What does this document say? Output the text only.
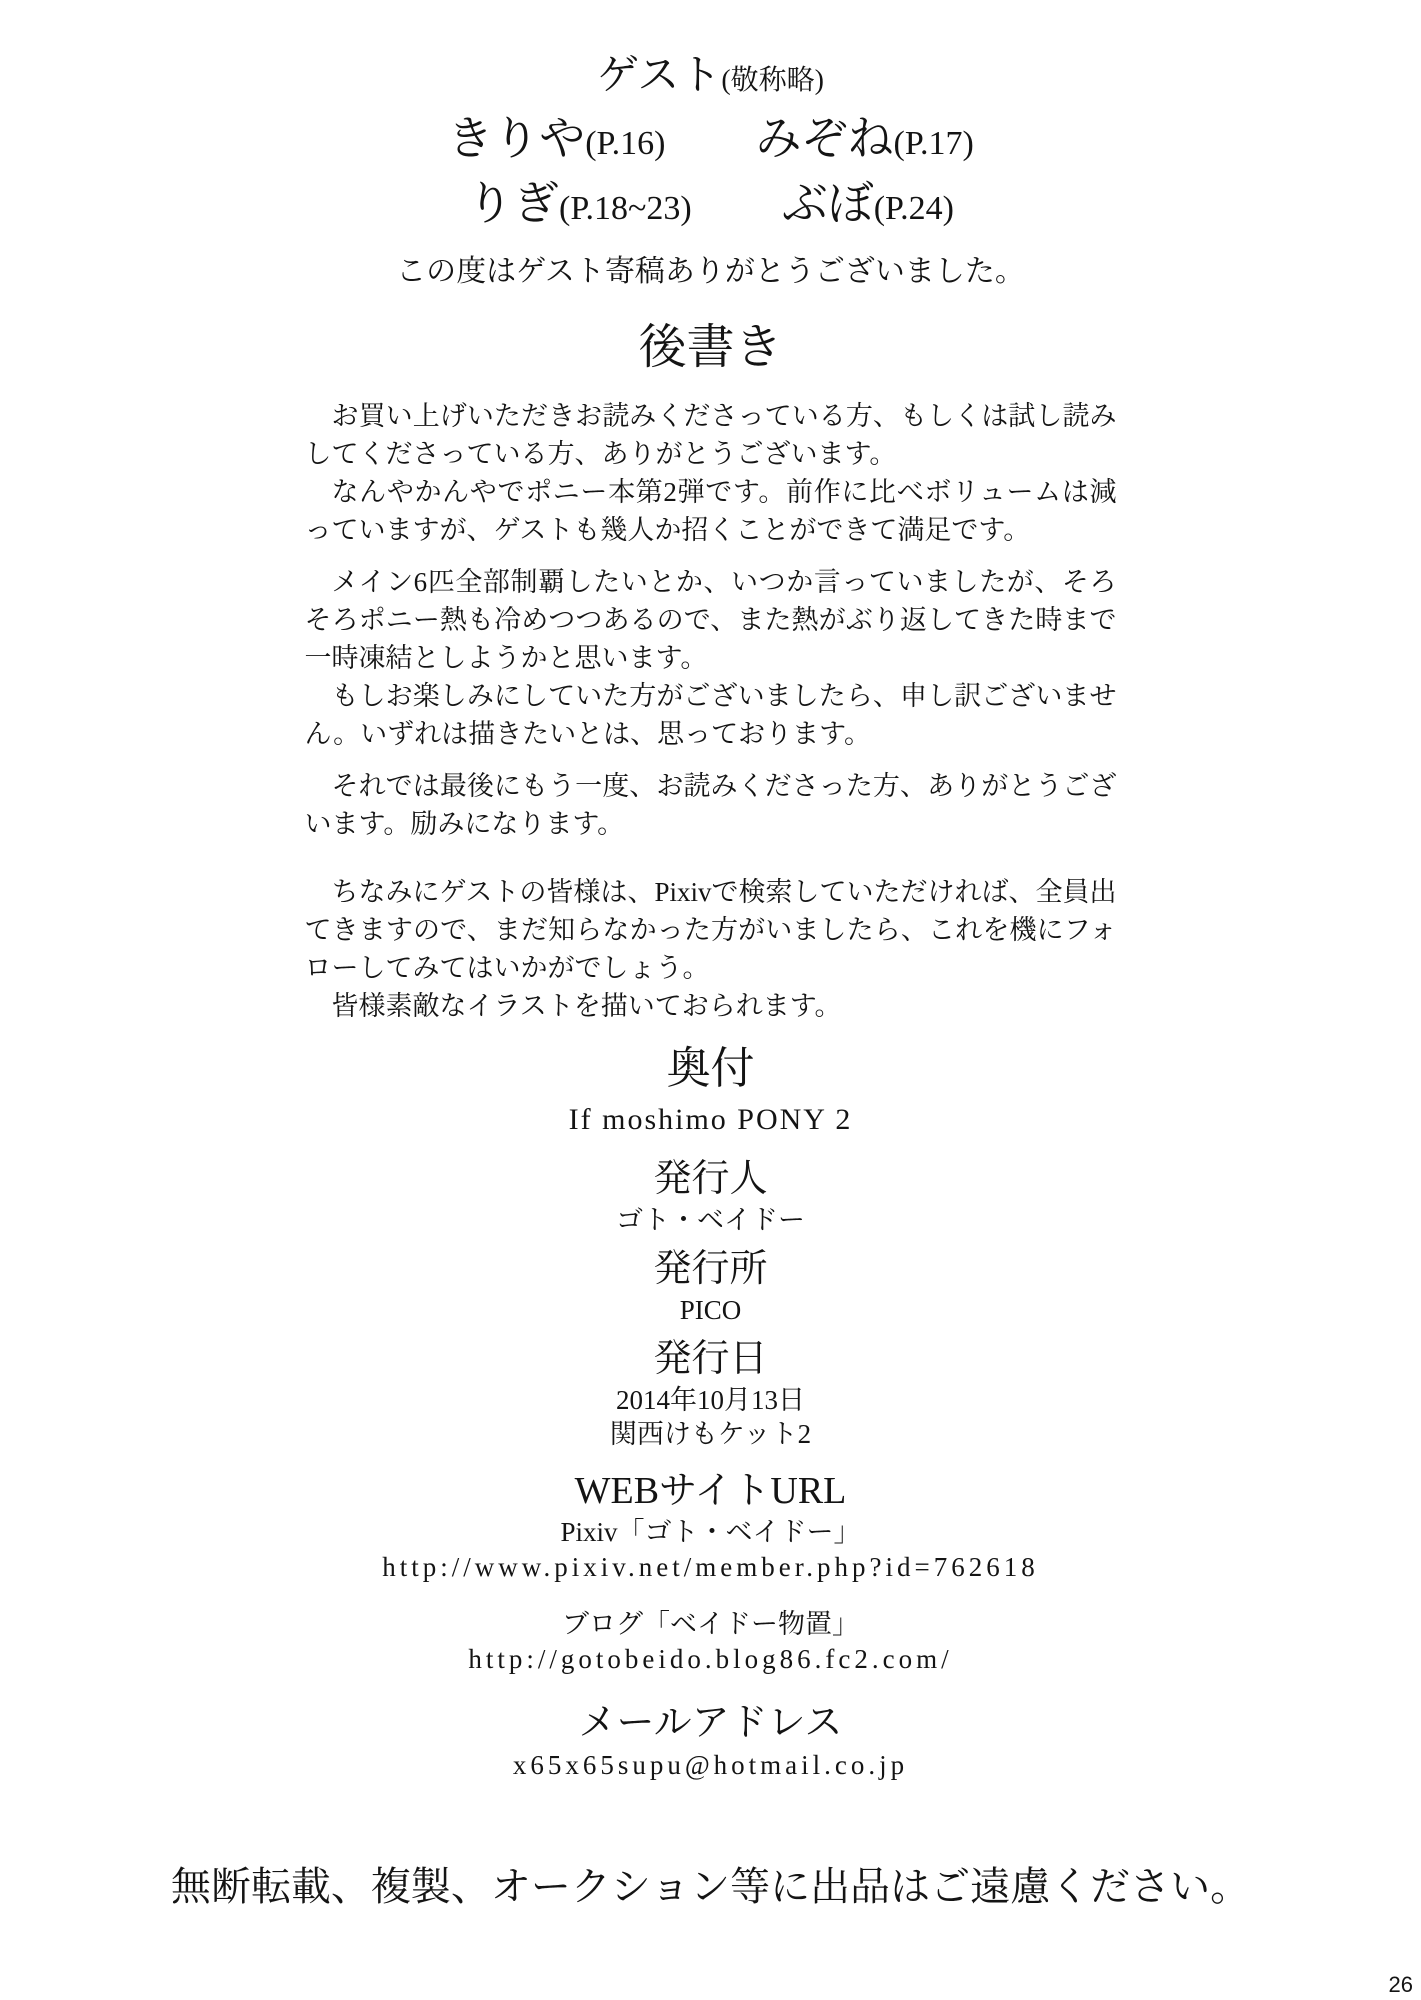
ゲスト(敬称略)
きりや(P.16) みぞね(P.17)
りぎ(P.18~23) ぶぼ(P.24)
この度はゲスト寄稿ありがとうございました。
後書き

お買い上げいただきお読みくださっている方、もしくは試し読みしてくださっている方、ありがとうございます。

なんやかんやでポニー本第2弾です。前作に比べボリュームは減っていますが、ゲストも幾人か招くことができて満足です。

メイン6匹全部制覇したいとか、いつか言っていましたが、そろそろポニー熱も冷めつつあるので、また熱がぶり返してきた時まで一時凍結としようかと思います。

もしお楽しみにしていた方がございましたら、申し訳ございません。いずれは描きたいとは、思っております。

それでは最後にもう一度、お読みくださった方、ありがとうございます。励みになります。

ちなみにゲストの皆様は、Pixivで検索していただければ、全員出てきますので、まだ知らなかった方がいましたら、これを機にフォローしてみてはいかがでしょう。

皆様素敵なイラストを描いておられます。

奥付
If moshimo PONY 2
発行人
ゴト・ベイドー
発行所
PICO
発行日
2014年10月13日
関西けもケット2
WEBサイトURL
Pixiv「ゴト・ベイドー」
http://www.pixiv.net/member.php?id=762618
ブログ「ベイドー物置」
http://gotobeido.blog86.fc2.com/
メールアドレス
x65x65supu@hotmail.co.jp
無断転載、複製、オークション等に出品はご遠慮ください。
26
